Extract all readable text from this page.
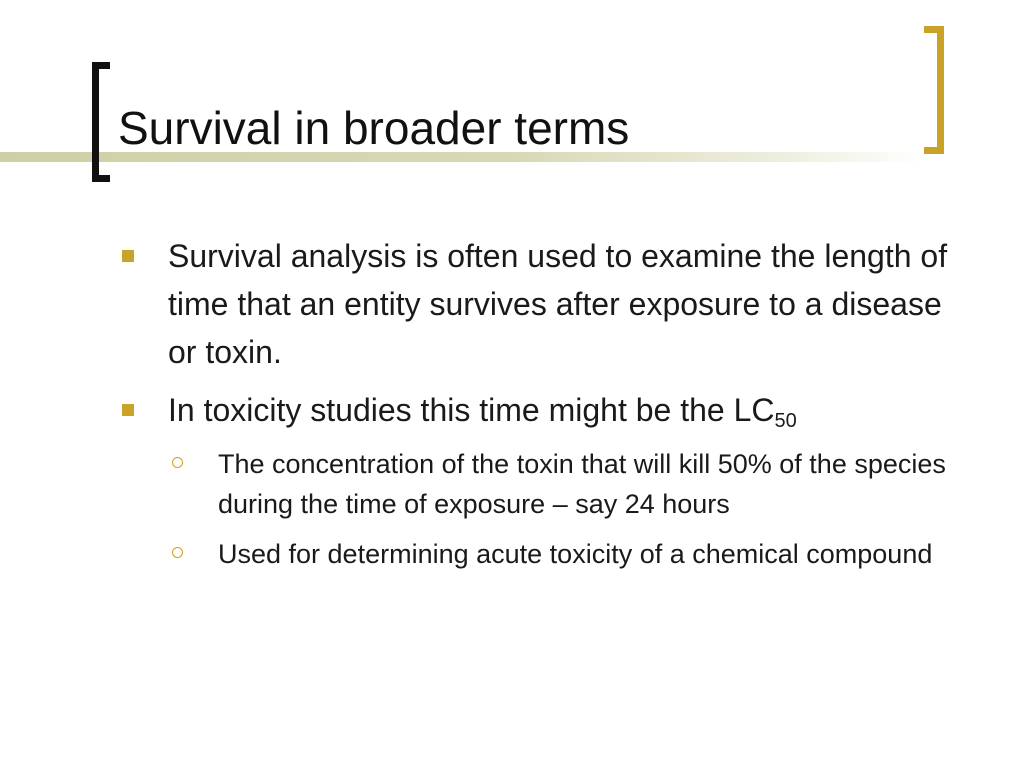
Survival in broader terms
Survival analysis is often used to examine the length of time that an entity survives after exposure to a disease or toxin.
In toxicity studies this time might be the $LC_{50}$
The concentration of the toxin that will kill 50% of the species during the time of exposure – say 24 hours
Used for determining acute toxicity of a chemical compound
